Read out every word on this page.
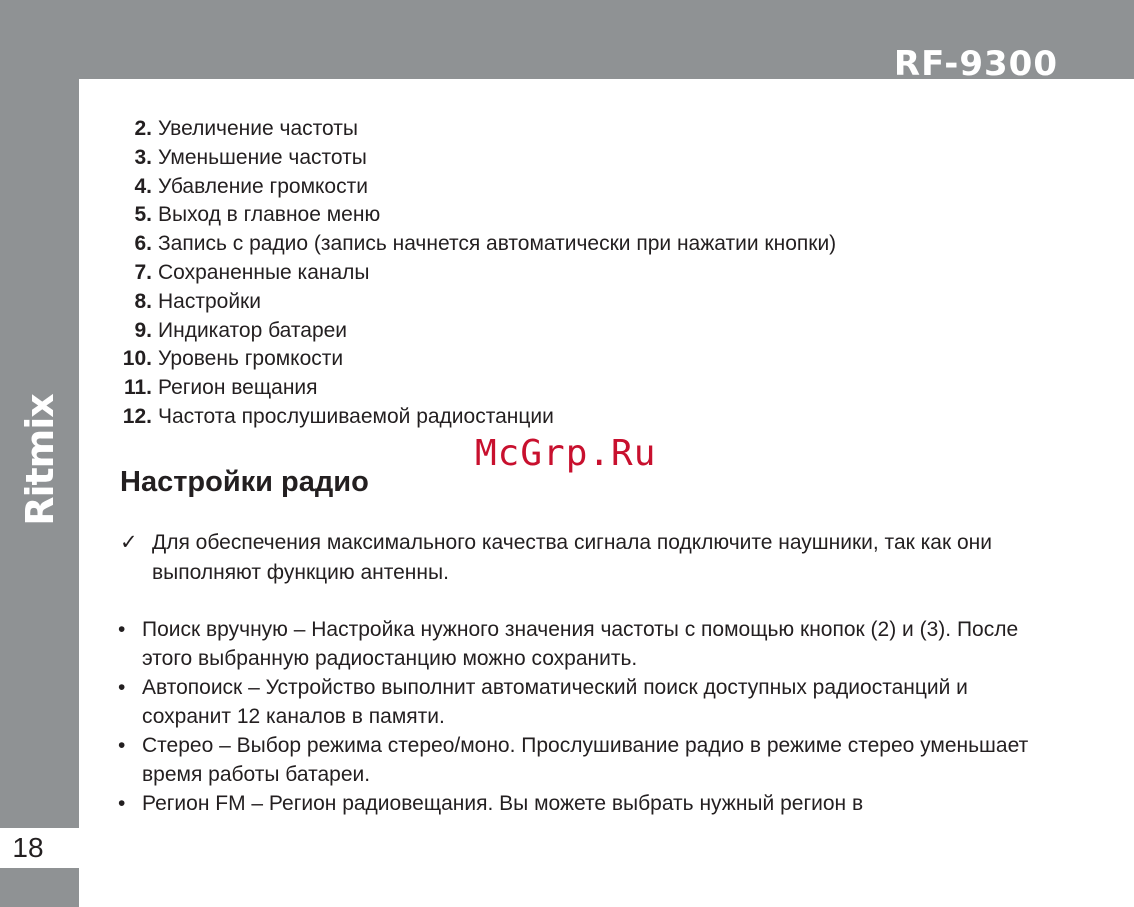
RF-9300
Ritmix
18
2. Увеличение частоты
3. Уменьшение частоты
4. Убавление громкости
5. Выход в главное меню
6. Запись с радио (запись начнется автоматически при нажатии кнопки)
7. Сохраненные каналы
8. Настройки
9. Индикатор батареи
10. Уровень громкости
11. Регион вещания
12. Частота прослушиваемой радиостанции
McGrp.Ru
Настройки радио
✓ Для обеспечения максимального качества сигнала подключите наушники, так как они выполняют функцию антенны.
• Поиск вручную – Настройка нужного значения частоты с помощью кнопок (2) и (3). После этого выбранную радиостанцию можно сохранить.
• Автопоиск – Устройство выполнит автоматический поиск доступных радиостанций и сохранит 12 каналов в памяти.
• Стерео – Выбор режима стерео/моно. Прослушивание радио в режиме стерео уменьшает время работы батареи.
• Регион FM – Регион радиовещания. Вы можете выбрать нужный регион в
